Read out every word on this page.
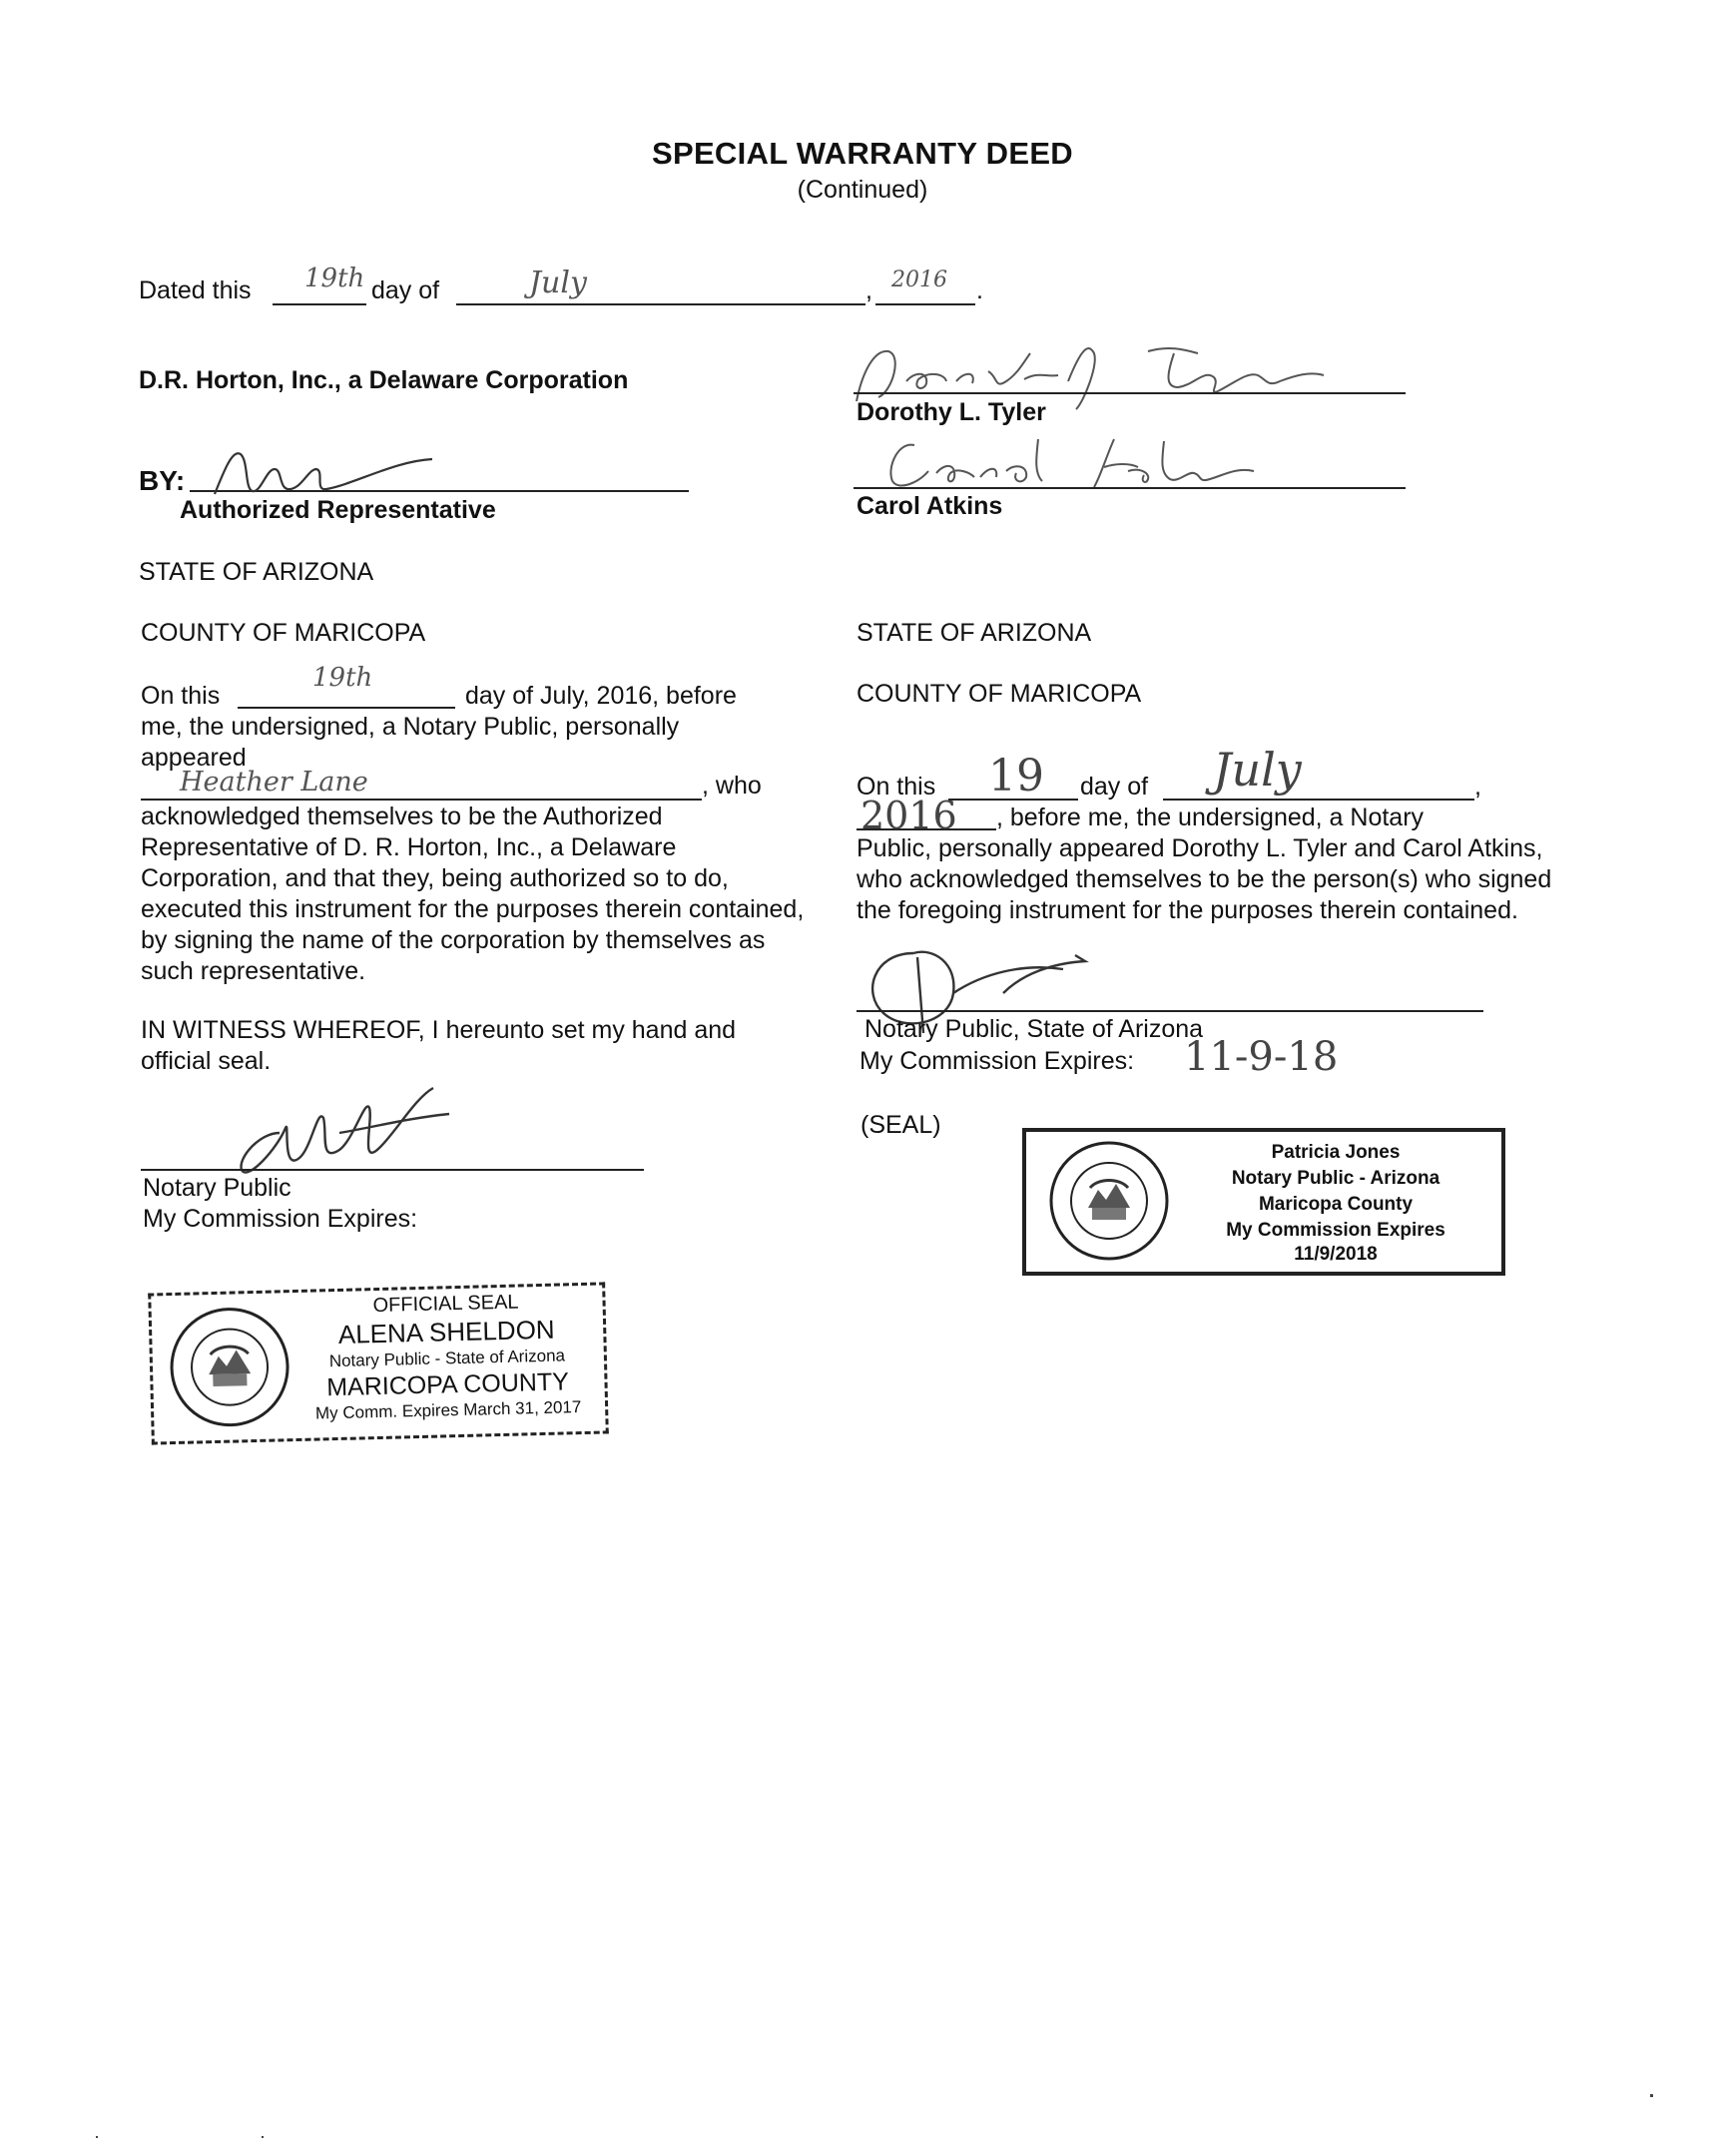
SPECIAL WARRANTY DEED
(Continued)
Dated this 19th day of	July	, 2016 .
D.R. Horton, Inc., a Delaware Corporation
BY:
Authorized Representative
STATE OF ARIZONA
COUNTY OF MARICOPA
On this
19th
day of July, 2016, before
me, the undersigned, a Notary Public, personally
appeared
Heather Lane	, who
acknowledged themselves to be the Authorized Representative of D. R. Horton, Inc., a Delaware Corporation, and that they, being authorized so to do, executed this instrument for the purposes therein contained, by signing the name of the corporation by themselves as such representative.
IN WITNESS WHEREOF, I hereunto set my hand and official seal.
Notary Public
My Commission Expires:
OFFICIAL SEAL
ALENA SHELDON
Notary Public - State of Arizona
MARICOPA COUNTY
My Comm. Expires March 31, 2017
Dorothy L. Tyler
Carol Atkins
STATE OF ARIZONA
COUNTY OF MARICOPA
On this 19 day of July	,
2016 , before me, the undersigned, a Notary
Public, personally appeared Dorothy L. Tyler and Carol Atkins, who acknowledged themselves to be the person(s) who signed the foregoing instrument for the purposes therein contained.
Notary Public, State of Arizona
My Commission Expires: 11-9-18
(SEAL)
Patricia Jones
Notary Public - Arizona
Maricopa County
My Commission Expires
11/9/2018
